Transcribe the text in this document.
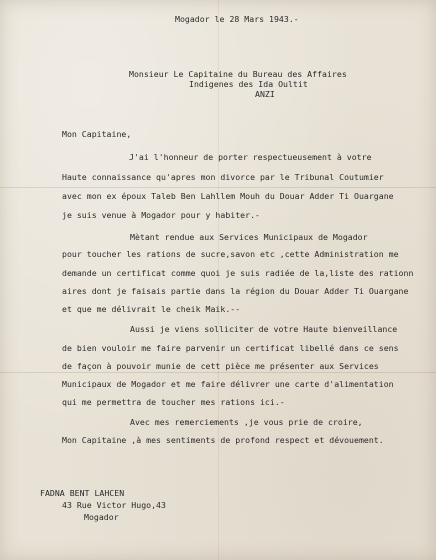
Mogador le 28 Mars 1943.-
Monsieur Le Capitaine du Bureau des Affaires
Indigenes des Ida Oultit
ANZI
Mon Capitaine,
J'ai l'honneur de porter respectueusement à votre
Haute connaissance qu'apres mon divorce par le Tribunal Coutumier
avec mon ex époux Taleb Ben Lahllem Mouh du Douar Adder Ti Ouargane
je suis venue à Mogador pour y habiter.-
Mètant rendue aux Services Municipaux de Mogador
pour toucher les rations de sucre,savon etc ,cette Administration me
demande un certificat comme quoi je suis radiée de la,liste des rationn
aires dont je faisais partie dans la région du Douar Adder Ti Ouargane
et que me délivrait le cheik Maik.--
Aussi je viens solliciter de votre Haute bienveillance
de bien vouloir me faire parvenir un certificat libellé dans ce sens
de façon à pouvoir munie de cett pièce me présenter aux Services
Municipaux de Mogador et me faire délivrer une carte d'alimentation
qui me permettra de toucher mes rations ici.-
Avec mes remerciements ,je vous prie de croire,
Mon Capitaine ,à mes sentiments de profond respect et dévouement.
FADNA BENT LAHCEN
43 Rue Victor Hugo,43
Mogador
